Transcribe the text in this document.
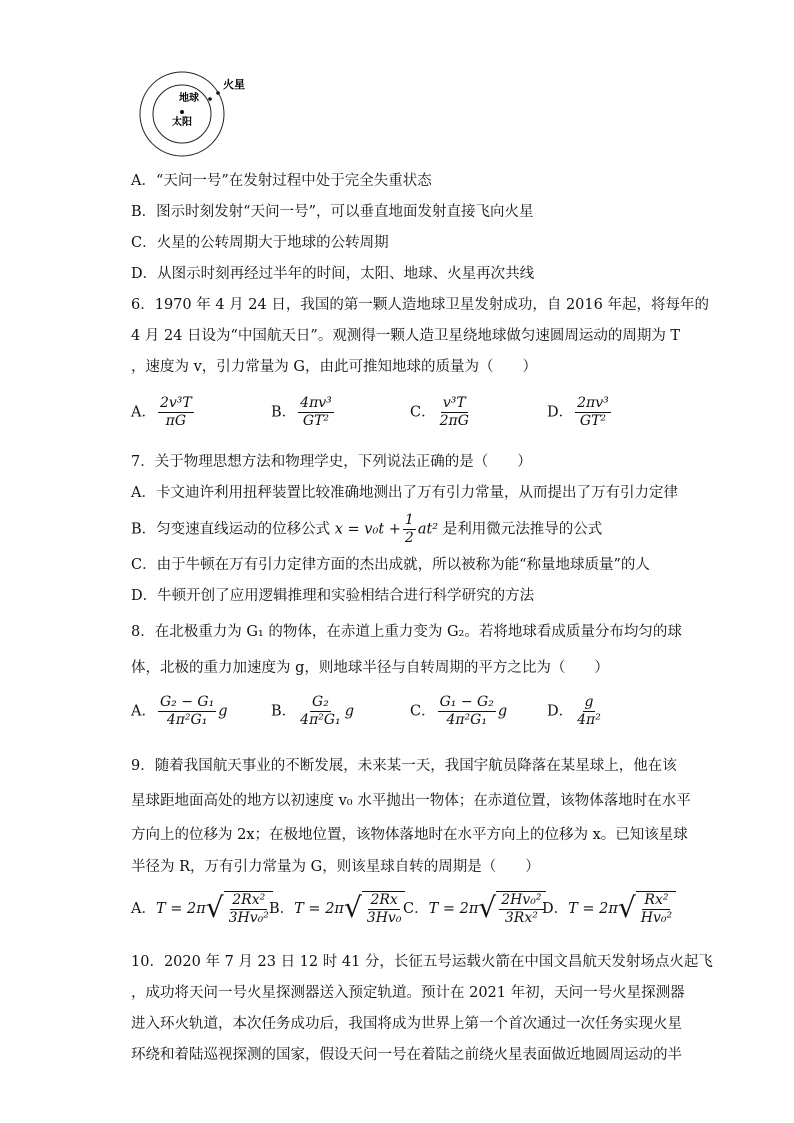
火星
地球
太阳
A．“天问一号”在发射过程中处于完全失重状态
B．图示时刻发射“天问一号”，可以垂直地面发射直接飞向火星
C．火星的公转周期大于地球的公转周期
D．从图示时刻再经过半年的时间，太阳、地球、火星再次共线
6．1970 年 4 月 24 日，我国的第一颗人造地球卫星发射成功，自 2016 年起，将每年的
4 月 24 日设为“中国航天日”。观测得一颗人造卫星绕地球做匀速圆周运动的周期为 T
，速度为 v，引力常量为 G，由此可推知地球的质量为（　　）
A． $\frac{\text{2v³T}}{\pi G}$	B． $\frac{\text{4πv³}}{\text{GT²}}$	C． $\frac{\text{v³T}}{2\pi G}$	D． $\frac{\text{2πv³}}{\text{GT²}}$
7．关于物理思想方法和物理学史，下列说法正确的是（　　）
A．卡文迪许利用扭秤装置比较准确地测出了万有引力常量，从而提出了万有引力定律
B．匀变速直线运动的位移公式 $x = v_0t + \frac{1}{2} at^2$ 是利用微元法推导的公式
C．由于牛顿在万有引力定律方面的杰出成就，所以被称为能“称量地球质量”的人
D．牛顿开创了应用逻辑推理和实验相结合进行科学研究的方法
8．在北极重力为 G₁ 的物体，在赤道上重力变为 G₂。若将地球看成质量分布均匀的球
体，北极的重力加速度为 g，则地球半径与自转周期的平方之比为（　　）
A． $\frac{\text{G₂ − G₁}}{\text{4π²G₁}}$ g	B． $\frac{\text{G₂}}{\text{4π²G₁}}$ g	C． $\frac{\text{G₁ − G₂}}{\text{4π²G₁}}$ g	D． $\frac{g}{\text{4π²}}$
9．随着我国航天事业的不断发展，未来某一天，我国宇航员降落在某星球上，他在该
星球距地面高处的地方以初速度 v₀ 水平抛出一物体；在赤道位置，该物体落地时在水平
方向上的位移为 2x；在极地位置，该物体落地时在水平方向上的位移为 x。已知该星球
半径为 R，万有引力常量为 G，则该星球自转的周期是（　　）
A．T = 2π √ $\frac{\text{2Rx²}}{\text{3Hv₀²}}$
B．T = 2π √ $\frac{2Rx}{\text{3Hv₀}}$ C．T = 2π √ $\frac{\text{2Hv₀²}}{\text{3Rx²}}$
D．T = 2π √ $\frac{\text{Rx²}}{\text{Hv₀²}}$
10．2020 年 7 月 23 日 12 时 41 分，长征五号运载火箭在中国文昌航天发射场点火起飞
，成功将天问一号火星探测器送入预定轨道。预计在 2021 年初，天问一号火星探测器
进入环火轨道，本次任务成功后，我国将成为世界上第一个首次通过一次任务实现火星
环绕和着陆巡视探测的国家，假设天问一号在着陆之前绕火星表面做近地圆周运动的半
